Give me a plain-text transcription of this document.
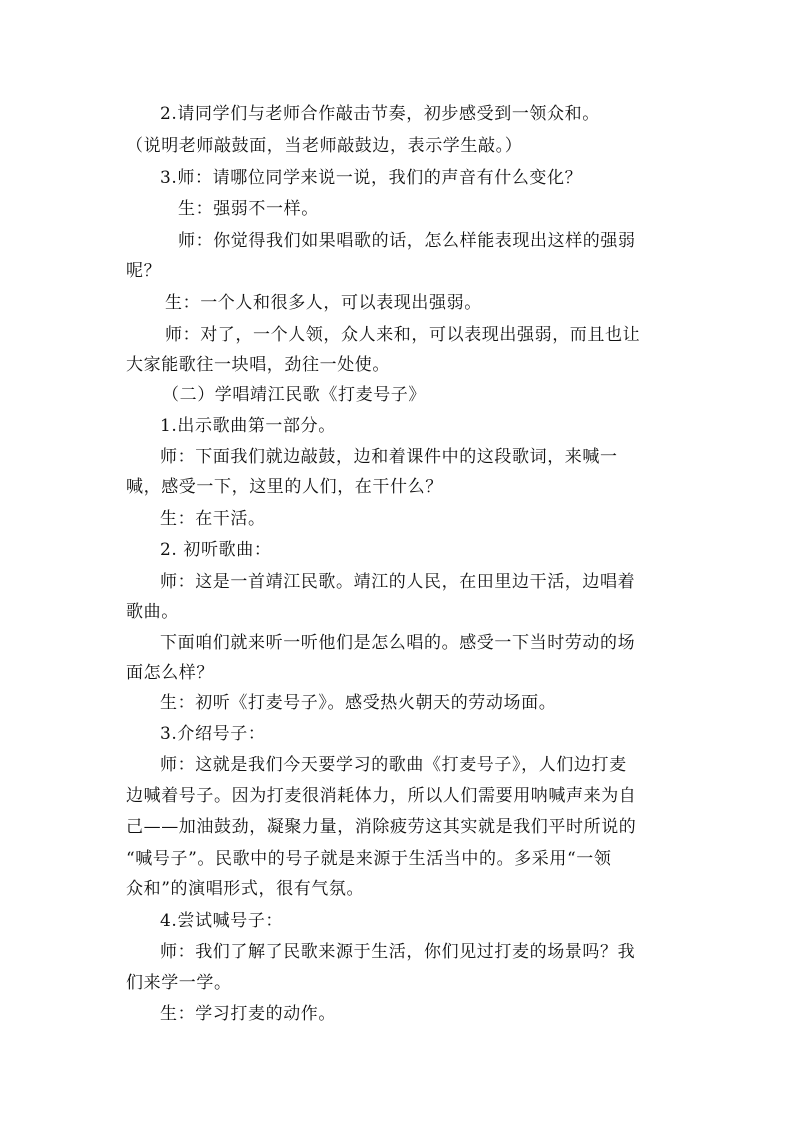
2.请同学们与老师合作敲击节奏，初步感受到一领众和。
（说明老师敲鼓面，当老师敲鼓边，表示学生敲。）
3.师：请哪位同学来说一说，我们的声音有什么变化？
生：强弱不一样。
师：你觉得我们如果唱歌的话，怎么样能表现出这样的强弱
呢？
生：一个人和很多人，可以表现出强弱。
师：对了，一个人领，众人来和，可以表现出强弱，而且也让
大家能歌往一块唱，劲往一处使。
（二）学唱靖江民歌《打麦号子》
1.出示歌曲第一部分。
师：下面我们就边敲鼓，边和着课件中的这段歌词，来喊一
喊，感受一下，这里的人们，在干什么？
生：在干活。
2. 初听歌曲：
师：这是一首靖江民歌。靖江的人民，在田里边干活，边唱着
歌曲。
下面咱们就来听一听他们是怎么唱的。感受一下当时劳动的场
面怎么样？
生：初听《打麦号子》。感受热火朝天的劳动场面。
3.介绍号子：
师：这就是我们今天要学习的歌曲《打麦号子》，人们边打麦
边喊着号子。因为打麦很消耗体力，所以人们需要用呐喊声来为自
己——加油鼓劲，凝聚力量，消除疲劳这其实就是我们平时所说的
“喊号子”。民歌中的号子就是来源于生活当中的。多采用“一领
众和”的演唱形式，很有气氛。
4.尝试喊号子：
师：我们了解了民歌来源于生活，你们见过打麦的场景吗？我
们来学一学。
生：学习打麦的动作。
